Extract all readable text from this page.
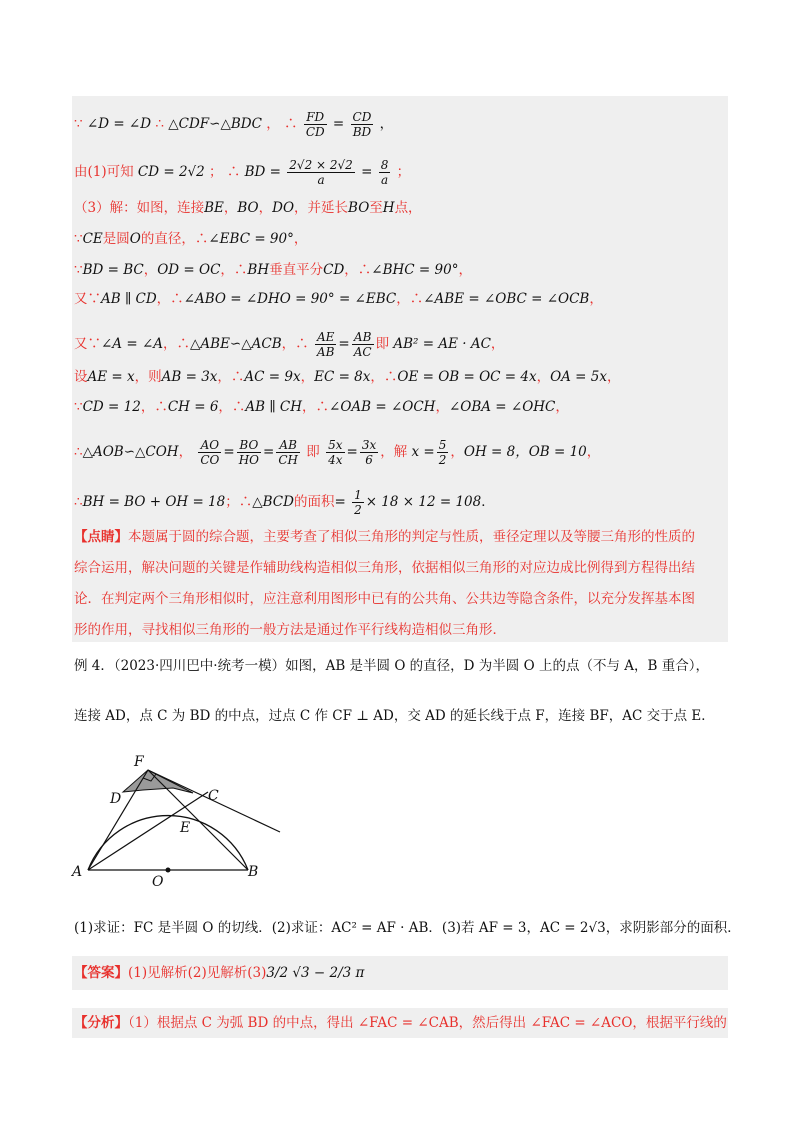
∵ ∠D = ∠D ∴ △CDF∽△BDC ， ∴ $\frac{FD}{CD} = \frac{CD}{BD}$ ，
由(1)可知 CD = 2√2 ； ∴ BD = $\frac{2√2 \times 2√2}{a} = \frac{8}{a}$ ；
（3）解：如图，连接BE，BO，DO，并延长BO至H点，
∵CE是圆O的直径，∴∠EBC = 90°，
∵BD = BC，OD = OC，∴BH垂直平分CD，∴∠BHC = 90°，
又∵AB ∥ CD，∴∠ABO = ∠DHO = 90° = ∠EBC，∴∠ABE = ∠OBC = ∠OCB，
又∵∠A = ∠A，∴△ABE∽△ACB，∴ $\frac{AE}{AB} = \frac{AB}{AC}$ 即 AB² = AE · AC，
设AE = x，则AB = 3x，∴AC = 9x，EC = 8x，∴OE = OB = OC = 4x，OA = 5x，
∵CD = 12，∴CH = 6，∴AB ∥ CH，∴∠OAB = ∠OCH，∠OBA = ∠OHC，
∴△AOB∽△COH， $\frac{AO}{CO} = \frac{BO}{HO} = \frac{AB}{CH}$ 即 $\frac{5x}{4x} = \frac{3x}{6}$ ，解 $x = \frac{5}{2}$ ，OH = 8，OB = 10，
∴BH = BO + OH = 18；∴△BCD的面积= $\frac{1}{2} \times 18 \times 12 = 108$．
【点睛】本题属于圆的综合题，主要考查了相似三角形的判定与性质，垂径定理以及等腰三角形的性质的
综合运用，解决问题的关键是作辅助线构造相似三角形，依据相似三角形的对应边成比例得到方程得出结
论．在判定两个三角形相似时，应注意利用图形中已有的公共角、公共边等隐含条件，以充分发挥基本图
形的作用，寻找相似三角形的一般方法是通过作平行线构造相似三角形．
例 4．（2023·四川巴中·统考一模）如图，AB 是半圆 O 的直径，D 为半圆 O 上的点（不与 A，B 重合），
连接 AD，点 C 为 BD 的中点，过点 C 作 CF ⊥ AD，交 AD 的延长线于点 F，连接 BF，AC 交于点 E．
F
D	C
E
A
O
B
(1)求证：FC 是半圆 O 的切线．(2)求证：AC² = AF · AB．(3)若 AF = 3，AC = 2√3，求阴影部分的面积．
【答案】(1)见解析(2)见解析(3)3/2 √3 − 2/3 π
【分析】（1）根据点 C 为弧 BD 的中点，得出 ∠FAC = ∠CAB，然后得出 ∠FAC = ∠ACO，根据平行线的
